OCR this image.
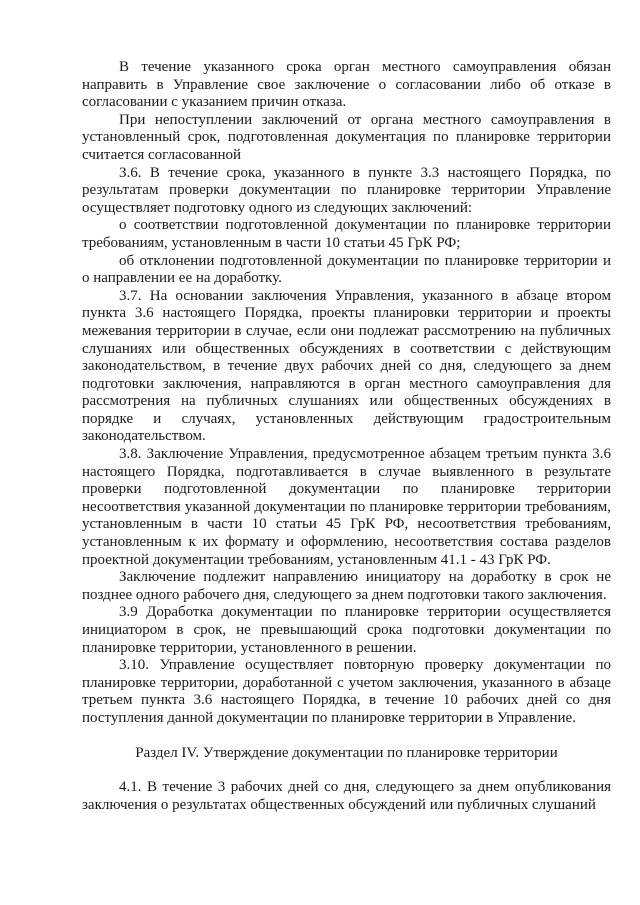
В течение указанного срока орган местного самоуправления обязан направить в Управление свое заключение о согласовании либо об отказе в согласовании с указанием причин отказа.

При непоступлении заключений от органа местного самоуправления в установленный срок, подготовленная документация по планировке территории считается согласованной

3.6. В течение срока, указанного в пункте 3.3 настоящего Порядка, по результатам проверки документации по планировке территории Управление осуществляет подготовку одного из следующих заключений:

о соответствии подготовленной документации по планировке территории требованиям, установленным в части 10 статьи 45 ГрК РФ;

об отклонении подготовленной документации по планировке территории и о направлении ее на доработку.

3.7. На основании заключения Управления, указанного в абзаце втором пункта 3.6 настоящего Порядка, проекты планировки территории и проекты межевания территории в случае, если они подлежат рассмотрению на публичных слушаниях или общественных обсуждениях в соответствии с действующим законодательством, в течение двух рабочих дней со дня, следующего за днем подготовки заключения, направляются в орган местного самоуправления для рассмотрения на публичных слушаниях или общественных обсуждениях в порядке и случаях, установленных действующим градостроительным законодательством.

3.8. Заключение Управления, предусмотренное абзацем третьим пункта 3.6 настоящего Порядка, подготавливается в случае выявленного в результате проверки подготовленной документации по планировке территории несоответствия указанной документации по планировке территории требованиям, установленным в части 10 статьи 45 ГрК РФ, несоответствия требованиям, установленным к их формату и оформлению, несоответствия состава разделов проектной документации требованиям, установленным 41.1 - 43 ГрК РФ.

Заключение подлежит направлению инициатору на доработку в срок не позднее одного рабочего дня, следующего за днем подготовки такого заключения.

3.9 Доработка документации по планировке территории осуществляется инициатором в срок, не превышающий срока подготовки документации по планировке территории, установленного в решении.

3.10. Управление осуществляет повторную проверку документации по планировке территории, доработанной с учетом заключения, указанного в абзаце третьем пункта 3.6 настоящего Порядка, в течение 10 рабочих дней со дня поступления данной документации по планировке территории в Управление.

Раздел IV. Утверждение документации по планировке территории

4.1. В течение 3 рабочих дней со дня, следующего за днем опубликования заключения о результатах общественных обсуждений или публичных слушаний
